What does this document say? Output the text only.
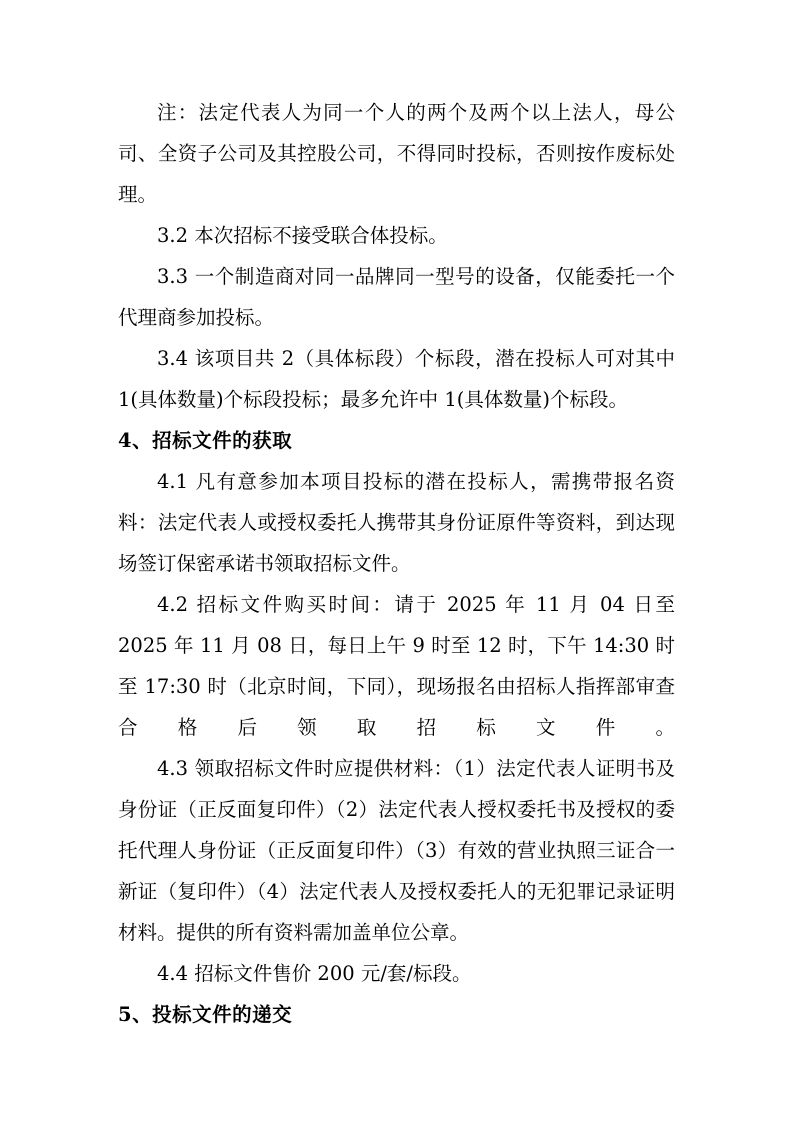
注：法定代表人为同一个人的两个及两个以上法人，母公司、全资子公司及其控股公司，不得同时投标，否则按作废标处理。

3.2 本次招标不接受联合体投标。

3.3 一个制造商对同一品牌同一型号的设备，仅能委托一个代理商参加投标。

3.4 该项目共 2（具体标段）个标段，潜在投标人可对其中 1(具体数量)个标段投标；最多允许中 1(具体数量)个标段。

4、招标文件的获取

4.1 凡有意参加本项目投标的潜在投标人，需携带报名资料：法定代表人或授权委托人携带其身份证原件等资料，到达现场签订保密承诺书领取招标文件。

4.2 招标文件购买时间：请于 2025 年 11 月 04 日至 2025 年 11 月 08 日，每日上午 9 时至 12 时，下午 14:30 时至 17:30 时（北京时间，下同），现场报名由招标人指挥部审查合格后领取招标文件。

4.3 领取招标文件时应提供材料：（1）法定代表人证明书及身份证（正反面复印件）（2）法定代表人授权委托书及授权的委托代理人身份证（正反面复印件）（3）有效的营业执照三证合一新证（复印件）（4）法定代表人及授权委托人的无犯罪记录证明材料。提供的所有资料需加盖单位公章。

4.4 招标文件售价 200 元/套/标段。

5、投标文件的递交
